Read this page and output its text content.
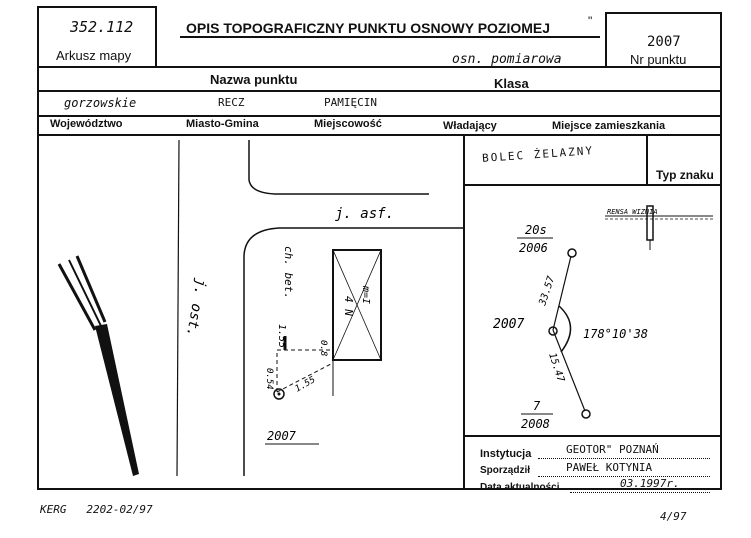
352.112
Arkusz mapy
OPIS TOPOGRAFICZNY PUNKTU OSNOWY POZIOMEJ	"
osn. pomiarowa
2007
Nr punktu
Nazwa punktu	Klasa
gorzowskie	RECZ	PAMIĘCIN
Województwo	Miasto-Gmina	Miejscowość	Władający	Miejsce zamieszkania
BOLEC ŻELAZNY
Typ znaku
j. asf.
j. ost.
ch. bet.
4 N
m=I
1.55
0.8
0.54 1.55
2007
RENSA WIZNIA
20s
2006
33.57
2007
178°10'38
15.47
7
2008
Instytucja	GEOTOR" POZNAŃ
Sporządził	PAWEŁ KOTYNIA
Data aktualności	03.1997r.
KERG   2202-02/97
4/97
